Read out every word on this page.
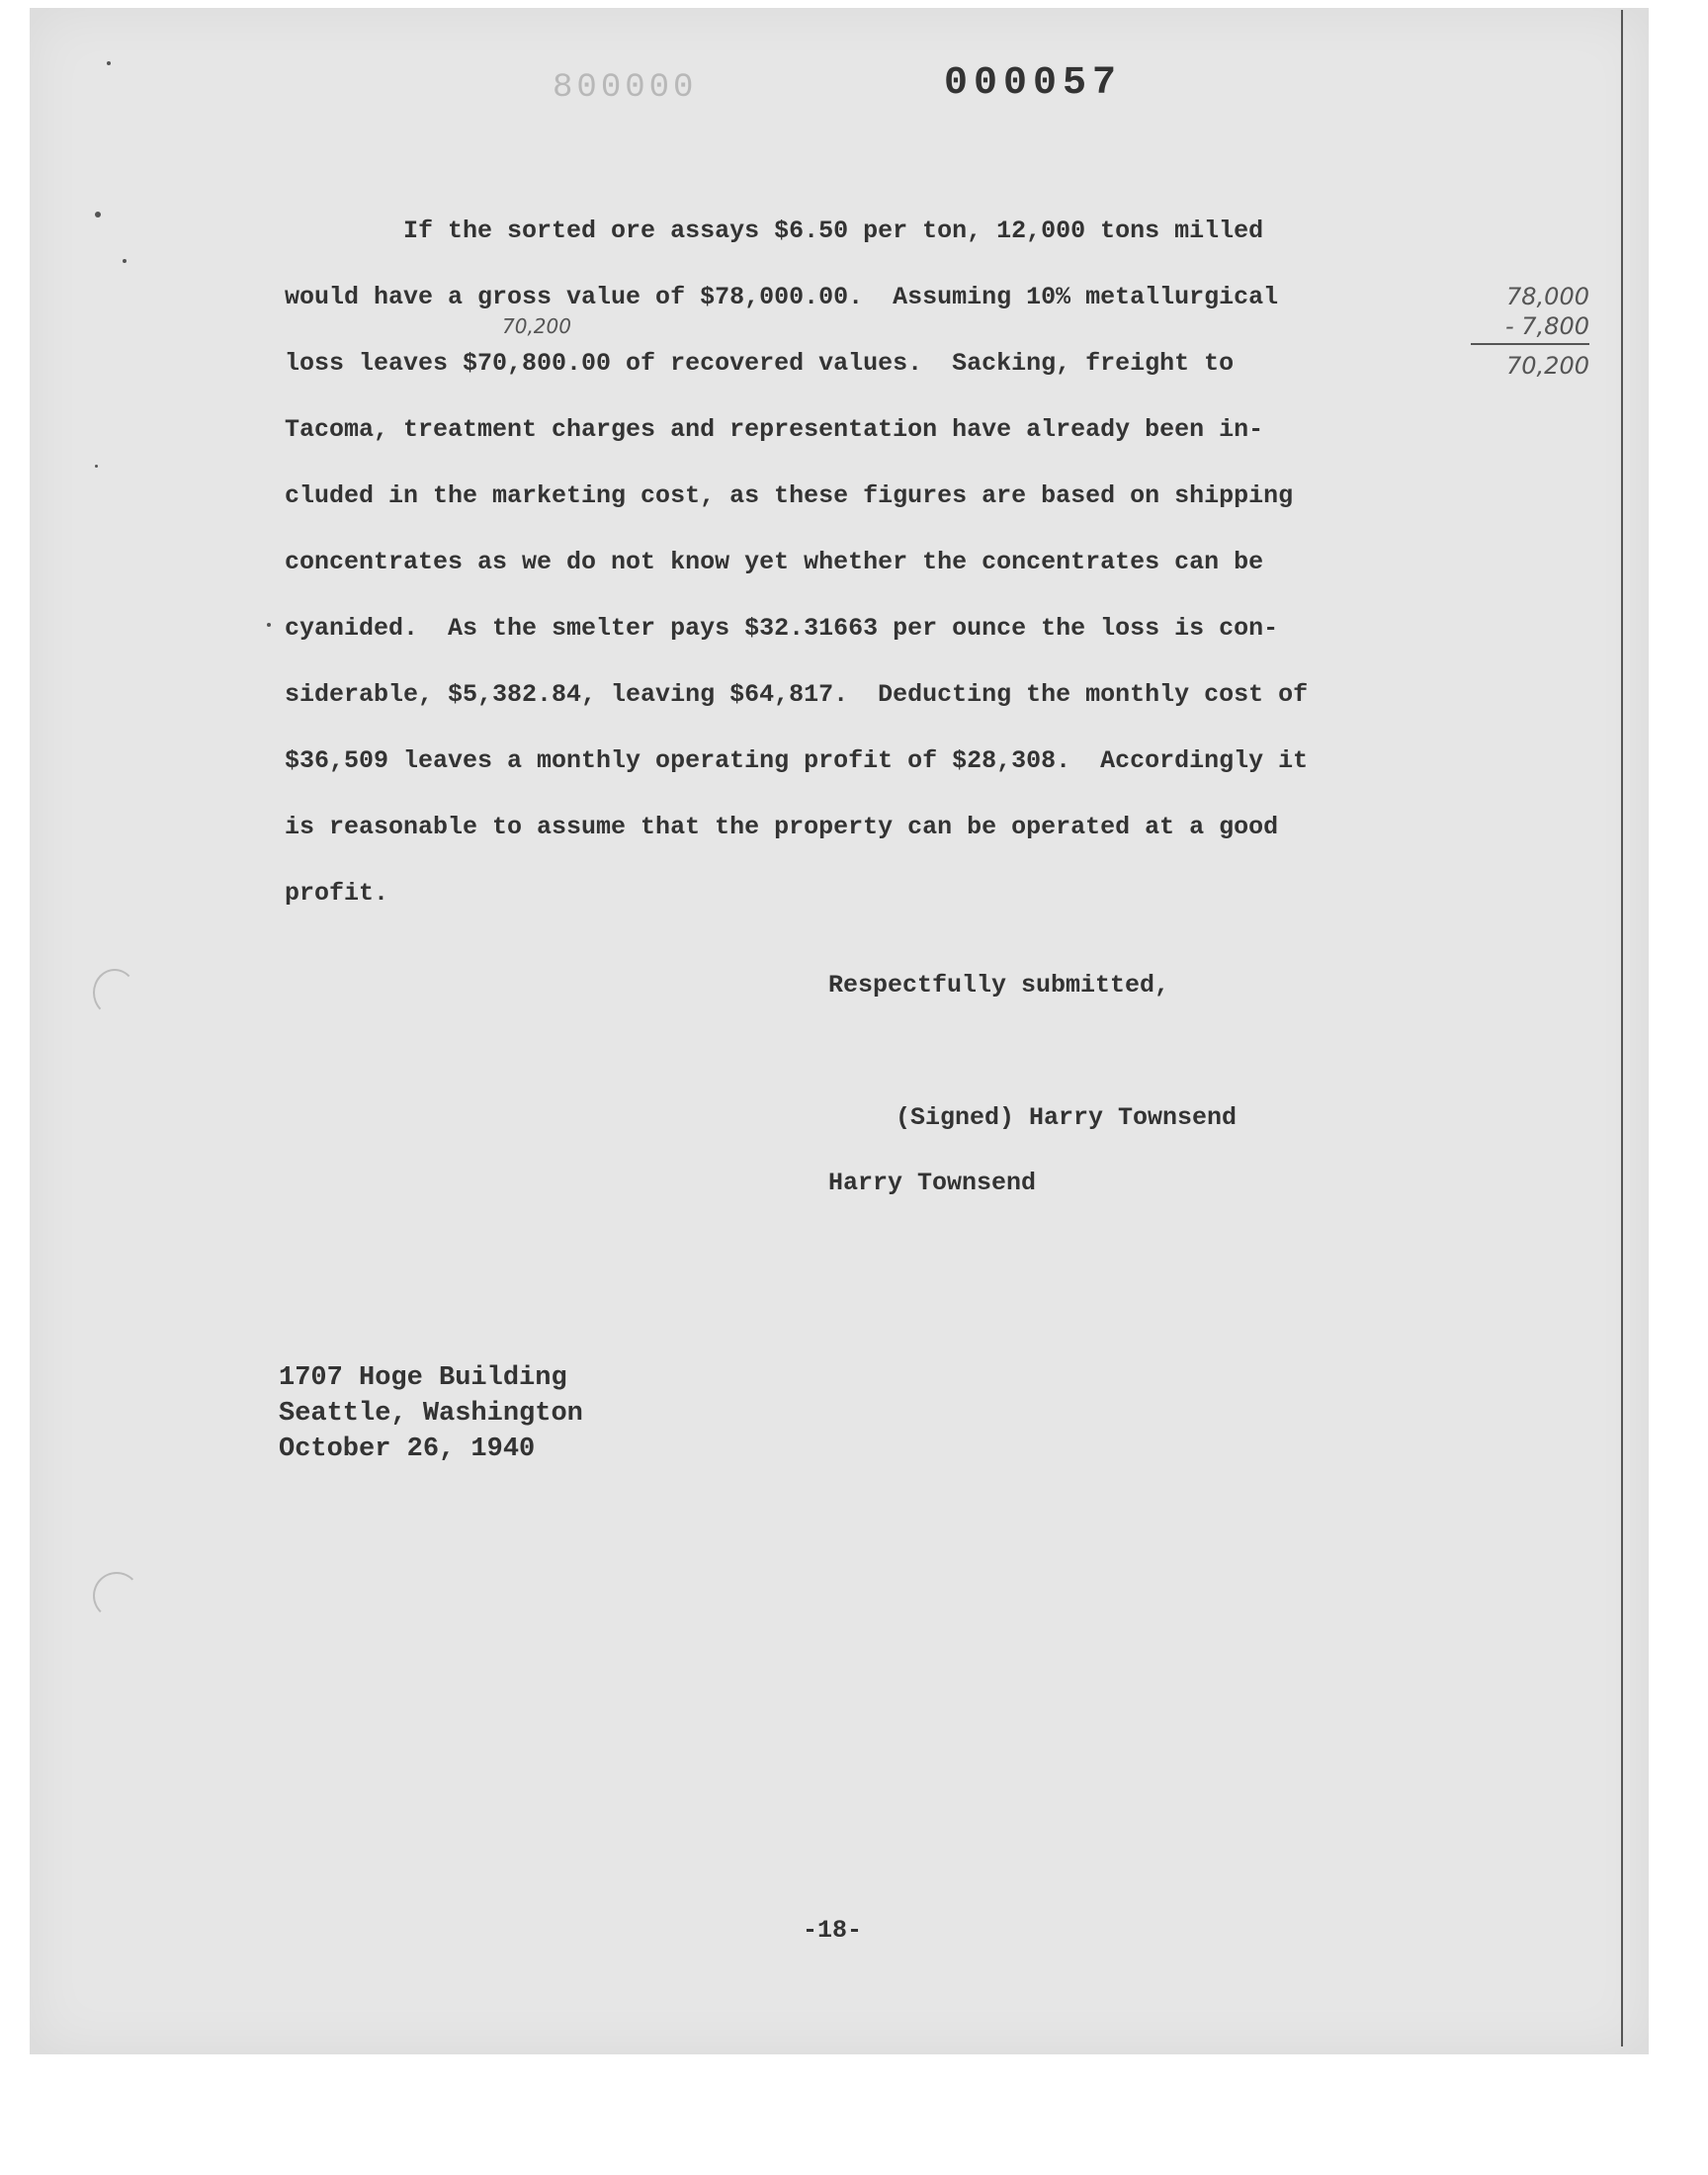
000008	000057
If the sorted ore assays $6.50 per ton, 12,000 tons milled
would have a gross value of $78,000.00.  Assuming 10% metallurgical
loss leaves $70,800.00 of recovered values.  Sacking, freight to
Tacoma, treatment charges and representation have already been in-
cluded in the marketing cost, as these figures are based on shipping
concentrates as we do not know yet whether the concentrates can be
cyanided.  As the smelter pays $32.31663 per ounce the loss is con-
siderable, $5,382.84, leaving $64,817.  Deducting the monthly cost of
$36,509 leaves a monthly operating profit of $28,308.  Accordingly it
is reasonable to assume that the property can be operated at a good
profit.
70,200
78,000
- 7,800
70,200
Respectfully submitted,
(Signed) Harry Townsend
Harry Townsend
1707 Hoge Building
Seattle, Washington
October 26, 1940
-18-
